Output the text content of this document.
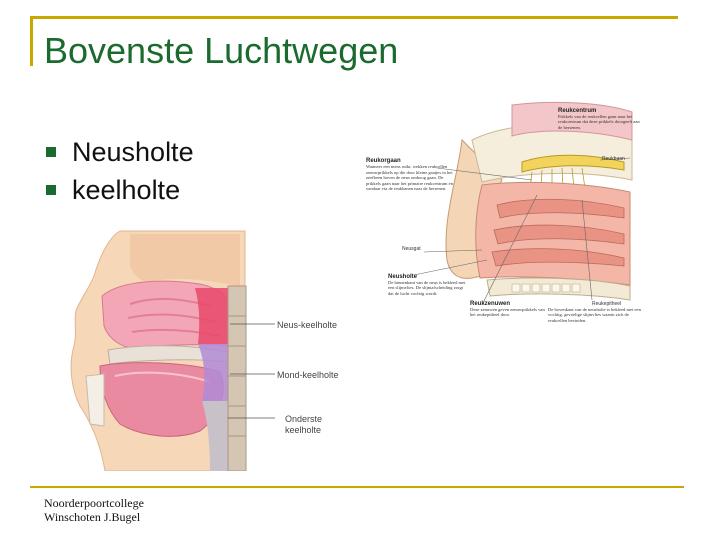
Bovenste Luchtwegen
Neusholte
keelholte
Neus-keelholte
Mond-keelholte
Onderste
keelholte
Reukcentrum
Reukbaan
Reukorgaan
Neusgat
Neusholte
Reukzenuwen	Reukepitheel
Prikkels van de reukcellen gaan naar het reukcentrum dat deze prikkels doorgeeft aan de hersenen.
Wanneer een mens ruikt, wekken reukcellen zenuwprikkels op die door kleine gaatjes in het zeefbeen boven de neus omhoog gaan. De prikkels gaan naar het primaire reukcentrum en vandaar via de reukbanen naar de hersenen.
De binnenkant van de neus is bekleed met een slijmvlies. De slijmafscheiding zorgt dat de lucht vochtig wordt.
Deze zenuwen geven zenuwprikkels van het reukepitheel door.
De bovenkant van de neusholte is bekleed met een vochtig, gevoelige slijmvlies waarin zich de reukcellen bevinden.
Noorderpoortcollege
Winschoten J.Bugel
